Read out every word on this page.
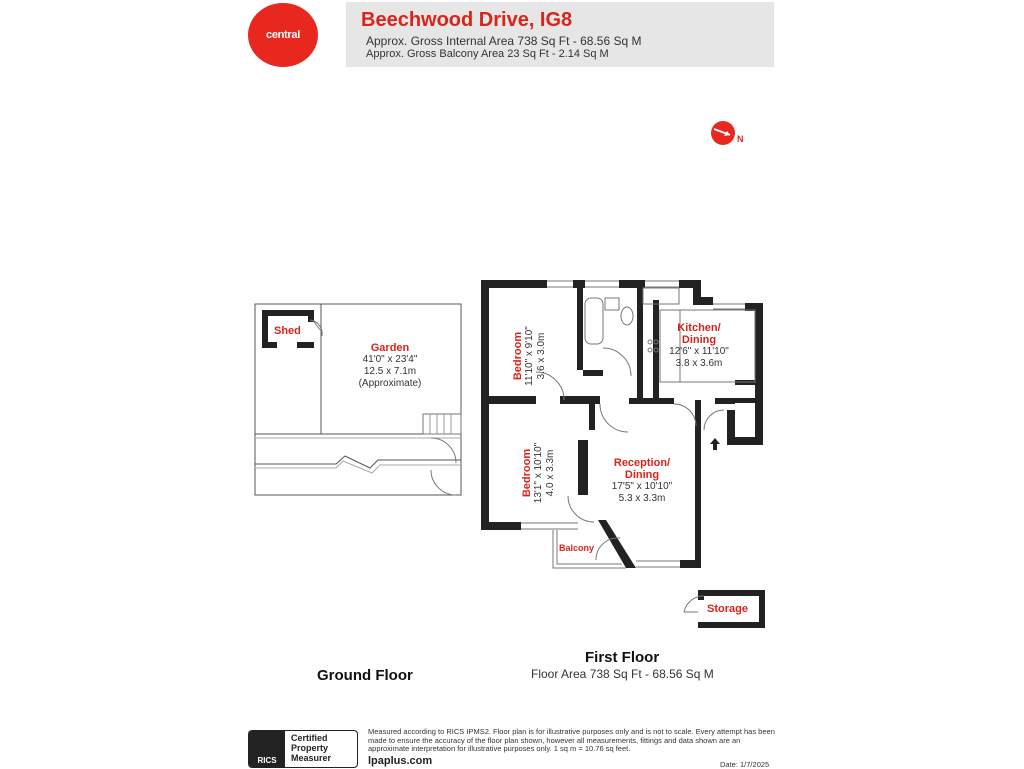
central
Beechwood Drive, IG8
Approx. Gross Internal Area 738 Sq Ft - 68.56 Sq M
Approx. Gross Balcony Area 23 Sq Ft - 2.14 Sq M
N
Shed
Garden
41'0" x 23'4"
12.5 x 7.1m
(Approximate)
Bedroom 11'10" x 9'10" 3.6 x 3.0m
Bedroom 13'1" x 10'10" 4.0 x 3.3m
Kitchen/
Dining
12'6" x 11'10"
3.8 x 3.6m
Reception/
Dining
17'5" x 10'10"
5.3 x 3.3m
Balcony
Storage
Ground Floor
First Floor
Floor Area 738 Sq Ft - 68.56 Sq M
RICS
Certified
Property
Measurer
Measured according to RICS IPMS2. Floor plan is for illustrative purposes only and is not to scale. Every attempt has been made to ensure the accuracy of the floor plan shown, however all measurements, fittings and data shown are an approximate interpretation for illustrative purposes only. 1 sq m = 10.76 sq feet.
lpaplus.com	Date: 1/7/2025
